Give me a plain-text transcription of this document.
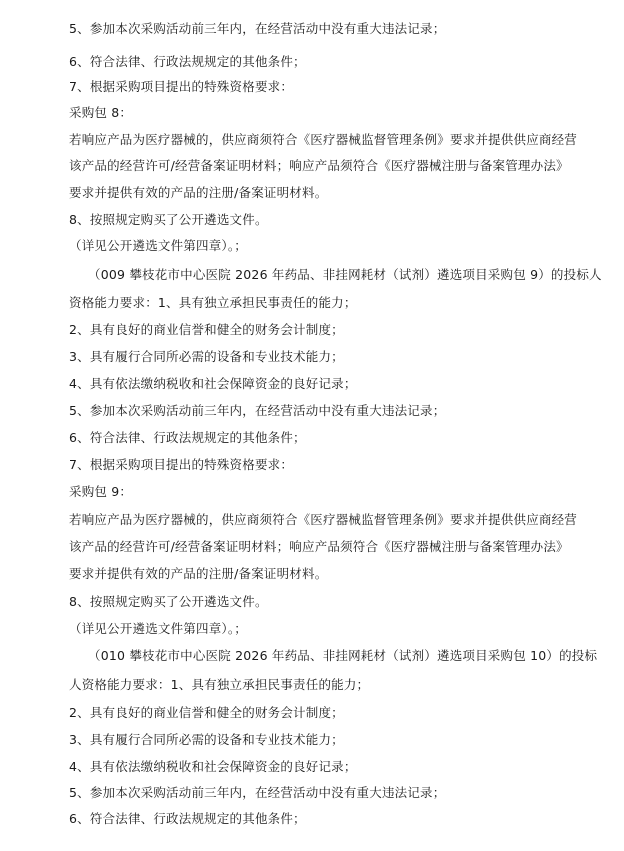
5、参加本次采购活动前三年内，在经营活动中没有重大违法记录；
6、符合法律、行政法规规定的其他条件；
7、根据采购项目提出的特殊资格要求：
采购包 8：
若响应产品为医疗器械的，供应商须符合《医疗器械监督管理条例》要求并提供供应商经营
该产品的经营许可/经营备案证明材料；响应产品须符合《医疗器械注册与备案管理办法》
要求并提供有效的产品的注册/备案证明材料。
8、按照规定购买了公开遴选文件。
（详见公开遴选文件第四章）。；
（009 攀枝花市中心医院 2026 年药品、非挂网耗材（试剂）遴选项目采购包 9）的投标人
资格能力要求：1、具有独立承担民事责任的能力；
2、具有良好的商业信誉和健全的财务会计制度；
3、具有履行合同所必需的设备和专业技术能力；
4、具有依法缴纳税收和社会保障资金的良好记录；
5、参加本次采购活动前三年内，在经营活动中没有重大违法记录；
6、符合法律、行政法规规定的其他条件；
7、根据采购项目提出的特殊资格要求：
采购包 9：
若响应产品为医疗器械的，供应商须符合《医疗器械监督管理条例》要求并提供供应商经营
该产品的经营许可/经营备案证明材料；响应产品须符合《医疗器械注册与备案管理办法》
要求并提供有效的产品的注册/备案证明材料。
8、按照规定购买了公开遴选文件。
（详见公开遴选文件第四章）。；
（010 攀枝花市中心医院 2026 年药品、非挂网耗材（试剂）遴选项目采购包 10）的投标
人资格能力要求：1、具有独立承担民事责任的能力；
2、具有良好的商业信誉和健全的财务会计制度；
3、具有履行合同所必需的设备和专业技术能力；
4、具有依法缴纳税收和社会保障资金的良好记录；
5、参加本次采购活动前三年内，在经营活动中没有重大违法记录；
6、符合法律、行政法规规定的其他条件；
